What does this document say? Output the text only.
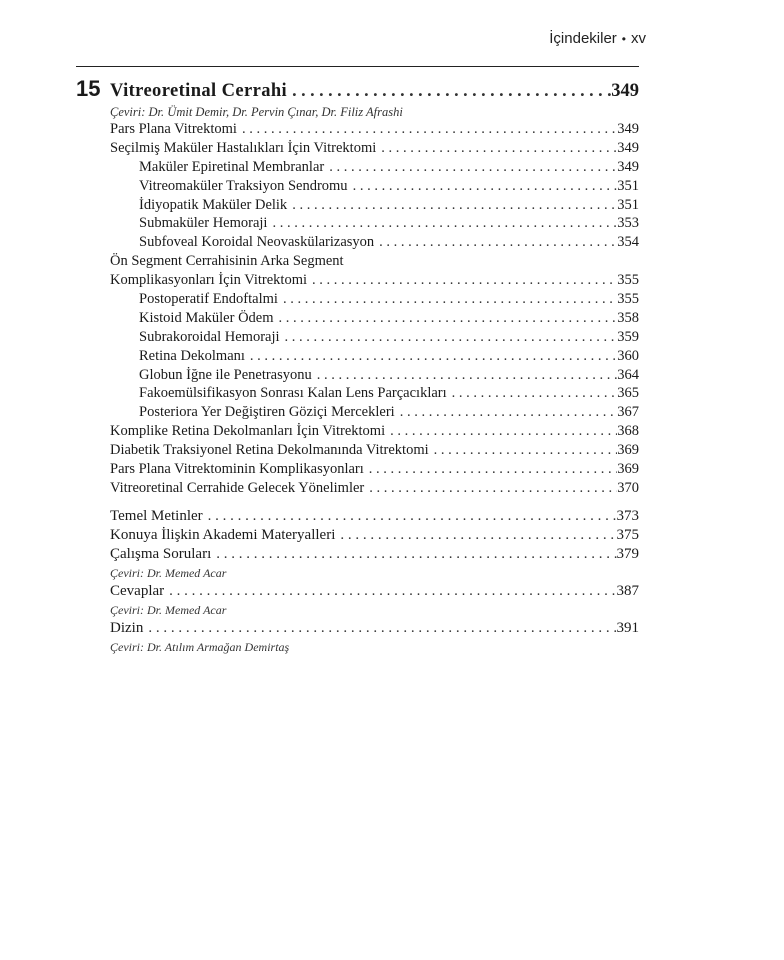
İçindekiler • xv
15 Vitreoretinal Cerrahi . . .	349
Çeviri: Dr. Ümit Demir, Dr. Pervin Çınar, Dr. Filiz Afrashi
Pars Plana Vitrektomi . . .	349
Seçilmiş Maküler Hastalıkları İçin Vitrektomi . . .	349
Maküler Epiretinal Membranlar . . .	349
Vitreomaküler Traksiyon Sendromu . . .	351
İdiyopatik Maküler Delik . . .	351
Submaküler Hemoraji . . .	353
Subfoveal Koroidal Neovaskülarizasyon . . .	354
Ön Segment Cerrahisinin Arka Segment
Komplikasyonları İçin Vitrektomi . . .	355
Postoperatif Endoftalmi . . .	355
Kistoid Maküler Ödem . . .	358
Subrakoroidal Hemoraji . . .	359
Retina Dekolmanı . . .	360
Globun İğne ile Penetrasyonu . . .	364
Fakoemülsifikasyon Sonrası Kalan Lens Parçacıkları . . .	365
Posteriora Yer Değiştiren Göziçi Mercekleri . . .	367
Komplike Retina Dekolmanları İçin Vitrektomi . . .	368
Diabetik Traksiyonel Retina Dekolmanında Vitrektomi . . .	369
Pars Plana Vitrektominin Komplikasyonları . . .	369
Vitreoretinal Cerrahide Gelecek Yönelimler . . .	370
Temel Metinler . . .	373
Konuya İlişkin Akademi Materyalleri . . .	375
Çalışma Soruları . . .	379
Çeviri: Dr. Memed Acar
Cevaplar . . .	387
Çeviri: Dr. Memed Acar
Dizin . . .	391
Çeviri: Dr. Atılım Armağan Demirtaş
